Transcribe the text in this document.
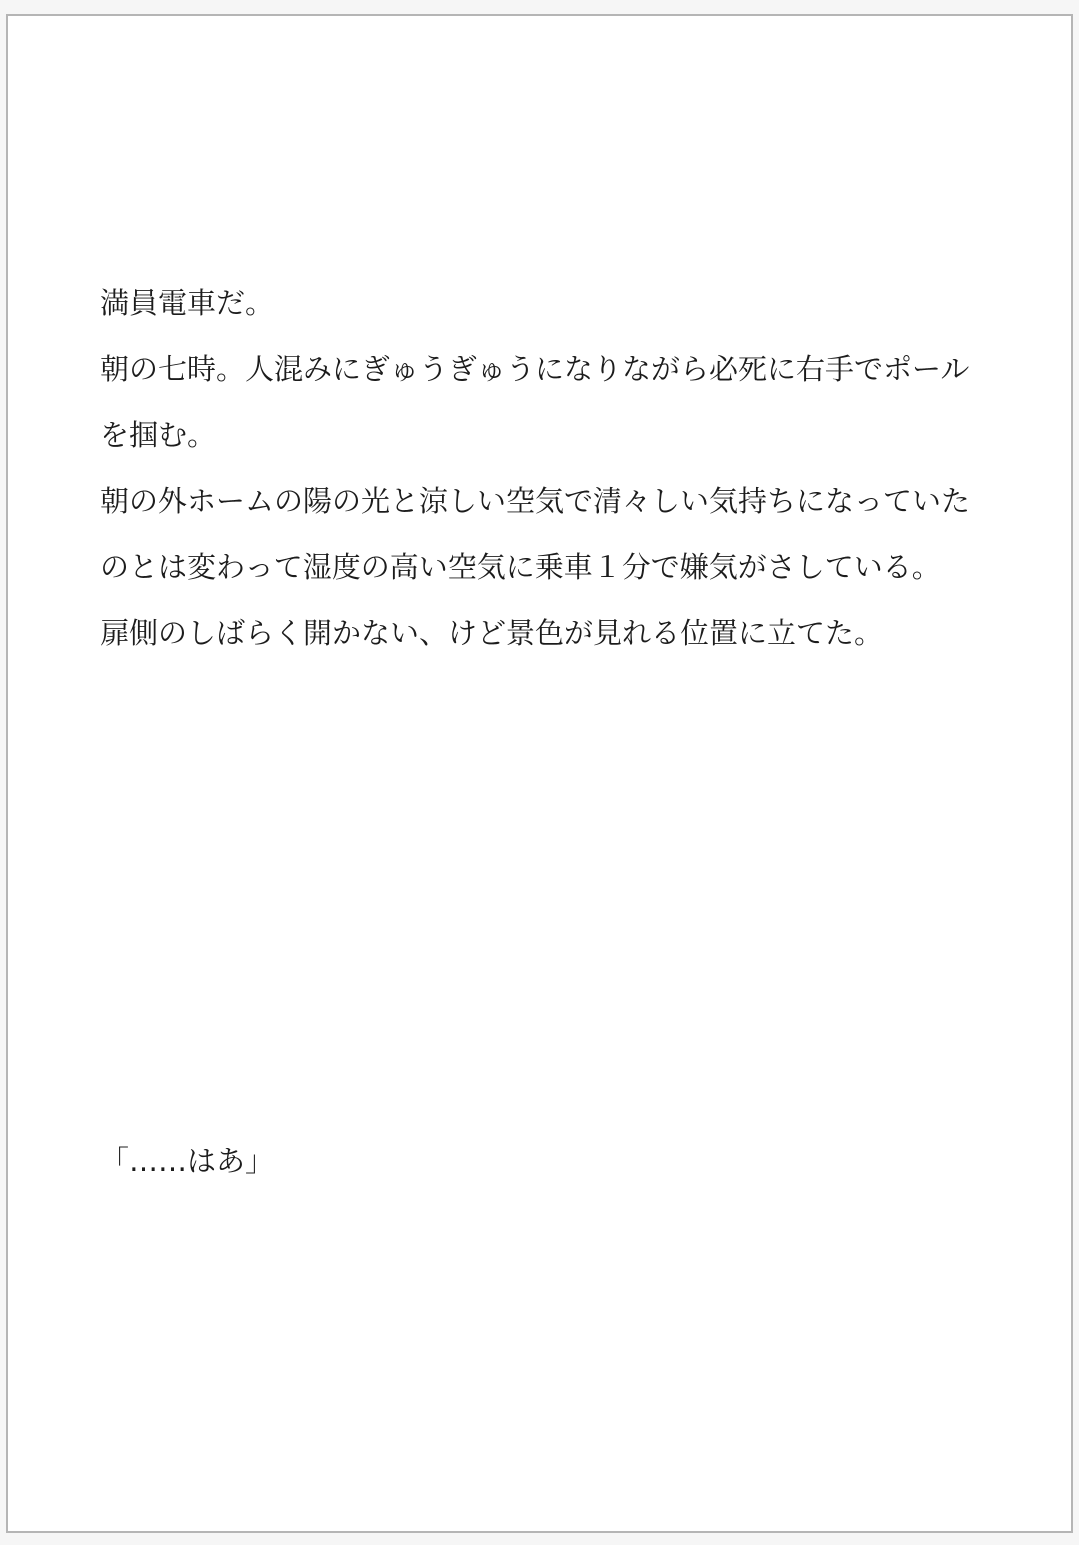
満員電車だ。

朝の七時。人混みにぎゅうぎゅうになりながら必死に右手でポール

を掴む。

朝の外ホームの陽の光と涼しい空気で清々しい気持ちになっていた

のとは変わって湿度の高い空気に乗車１分で嫌気がさしている。

扉側のしばらく開かない、けど景色が見れる位置に立てた。

「……はあ」
